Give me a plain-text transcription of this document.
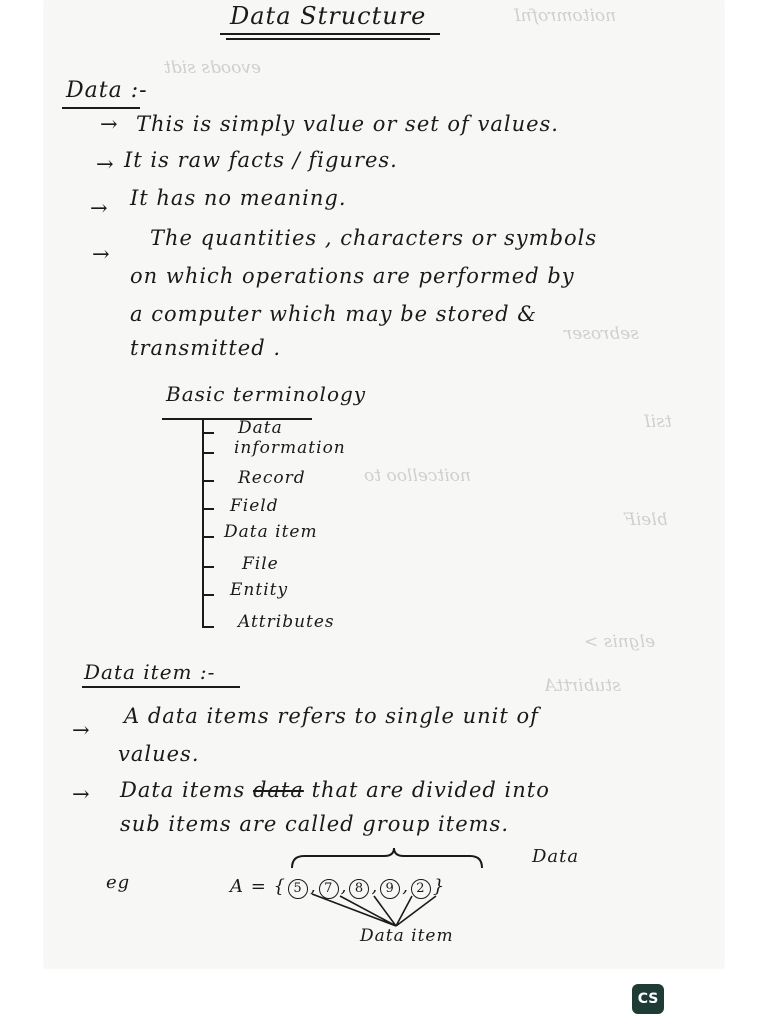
noitomrofnI
evoods sidt
sebroser
tsiI
noitcelloo to
bleiF
elgnis >
stubirttA
Data Structure
Data :-
→ This is simply value or set of values.
→ It is raw facts / figures.
→ It has no meaning.
→
The quantities , characters or symbols
on which operations are performed by
a computer which may be stored &
transmitted .
Basic terminology
Data
information
Record
Field
Data item
File
Entity
Attributes
Data item :-
→
A data items refers to single unit of
values.
→ Data items data that are divided into
sub items are called group items.
Data
eg	A = { 5 , 7 , 8 , 9 , 2 }
Data item
CS
